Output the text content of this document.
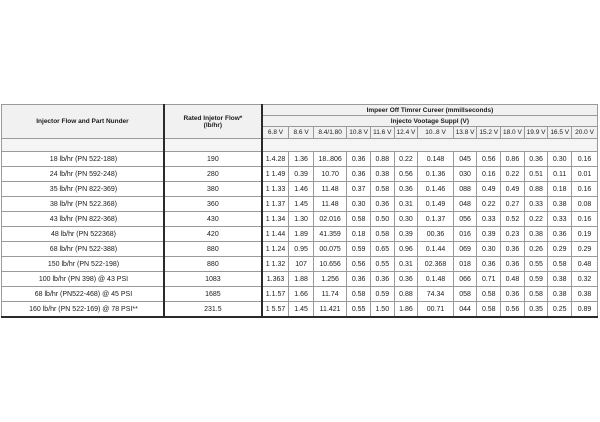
Injector Flow and Part Nunder	Rated Injetor Flow*
(lb/hr)	Impeer Off Timrer Cureer (mmillseconds)												
		Injecto Vootage Suppl (V)												
		6.8 V	8.6 V	8.4/1.80	10.8 V	11.6 V	12.4 V	10..8 V	13.8 V	15.2 V	18.0 V	19.9 V	16.5 V	20.0 V

18 lb/hr (PN 522-188)	190	1.4.28	1.36	18..806	0.36	0.88	0.22	0.148	045	0.56	0.86	0.36	0.30	0.16
24 lb/hr (PN 592-248)	280	1 1.49	0.39	10.70	0.36	0.38	0.56	0.1.36	030	0.16	0.22	0.51	0.11	0.01
35 lb/hr (PN 822-369)	380	1 1.33	1.46	11.48	0.37	0.58	0.36	0.1.46	088	0.49	0.49	0.88	0.18	0.16
38 lb/hr (PN 522.368)	360	1 1.37	1.45	11.48	0.30	0.36	0.31	0.1.49	048	0.22	0.27	0.33	0.38	0.08
43 lb/hr (PN 822-368)	430	1 1.34	1.30	02.016	0.58	0.50	0.30	0.1.37	056	0.33	0.52	0.22	0.33	0.16
48 lb/hr (PN 522368)	420	1 1.44	1.89	41.359	0.18	0.58	0.39	00.36	016	0.39	0.23	0.38	0.36	0.19
68 lb/hr (PN 522-388)	880	1 1.24	0.95	00.075	0.59	0.65	0.96	0.1.44	069	0.30	0.36	0.26	0.29	0.29
150 lb/hr (PN 522-198)	880	1 1.32	107	10.656	0.56	0.55	0.31	02.368	018	0.36	0.36	0.55	0.58	0.48
100 lb/hr (PN 398) @ 43 PSI	1083	1.363	1.88	1.256	0.36	0.36	0.36	0.1.48	066	0.71	0.48	0.59	0.38	0.32
68 lb/hr (PN522-468) @ 45 PSI	1685	1.1.57	1.66	11.74	0.58	0.59	0.88	74.34	058	0.58	0.36	0.58	0.38	0.38
160 lb/hr (PN 522-169) @ 78 PSI**	231.5	1 5.57	1.45	11.421	0.55	1.50	1.86	00.71	044	0.58	0.56	0.35	0.25	0.89
